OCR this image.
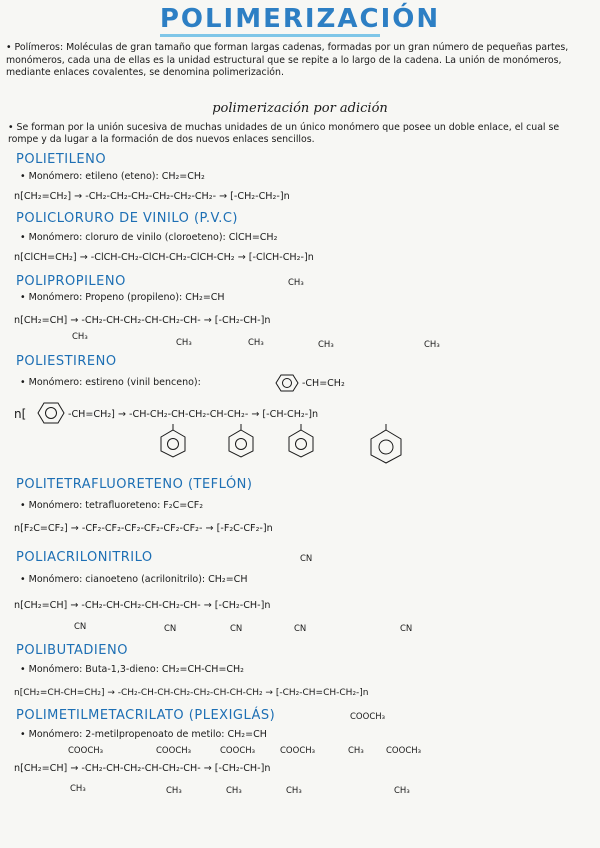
POLIMERIZACIÓN
• Polímeros: Moléculas de gran tamaño que forman largas cadenas, formadas por un gran número de pequeñas partes, monómeros, cada una de ellas es la unidad estructural que se repite a lo largo de la cadena. La unión de monómeros, mediante enlaces covalentes, se denomina polimerización.
polimerización por adición
• Se forman por la unión sucesiva de muchas unidades de un único monómero que posee un doble enlace, el cual se rompe y da lugar a la formación de dos nuevos enlaces sencillos.
POLIETILENO
• Monómero: etileno (eteno): CH₂=CH₂
n[CH₂=CH₂] → -CH₂-CH₂-CH₂-CH₂-CH₂-CH₂- → [-CH₂-CH₂-]n
POLICLORURO DE VINILO (P.V.C)
• Monómero: cloruro de vinilo (cloroeteno): ClCH=CH₂
n[ClCH=CH₂] → -ClCH-CH₂-ClCH-CH₂-ClCH-CH₂ → [-ClCH-CH₂-]n
POLIPROPILENO	CH₃
• Monómero: Propeno (propileno): CH₂=CH
n[CH₂=CH] → -CH₂-CH-CH₂-CH-CH₂-CH- → [-CH₂-CH-]n
CH₃
CH₃	CH₃	CH₃	CH₃
POLIESTIRENO
• Monómero: estireno (vinil benceno):	-CH=CH₂
n[	-CH=CH₂] → -CH-CH₂-CH-CH₂-CH-CH₂- → [-CH-CH₂-]n
POLITETRAFLUORETENO (TEFLÓN)
• Monómero: tetrafluoreteno: F₂C=CF₂
n[F₂C=CF₂] → -CF₂-CF₂-CF₂-CF₂-CF₂-CF₂- → [-F₂C-CF₂-]n
POLIACRILONITRILO	CN
• Monómero: cianoeteno (acrilonitrilo): CH₂=CH
n[CH₂=CH] → -CH₂-CH-CH₂-CH-CH₂-CH- → [-CH₂-CH-]n
CN	CN	CN	CN	CN
POLIBUTADIENO
• Monómero: Buta-1,3-dieno: CH₂=CH-CH=CH₂
n[CH₂=CH-CH=CH₂] → -CH₂-CH-CH-CH₂-CH₂-CH-CH-CH₂ → [-CH₂-CH=CH-CH₂-]n
POLIMETILMETACRILATO (PLEXIGLÁS)	COOCH₃
• Monómero: 2-metilpropenoato de metilo: CH₂=CH
COOCH₃	COOCH₃	COOCH₃	COOCH₃	CH₃	COOCH₃
n[CH₂=CH] → -CH₂-CH-CH₂-CH-CH₂-CH- → [-CH₂-CH-]n
CH₃	CH₃	CH₃	CH₃	CH₃
